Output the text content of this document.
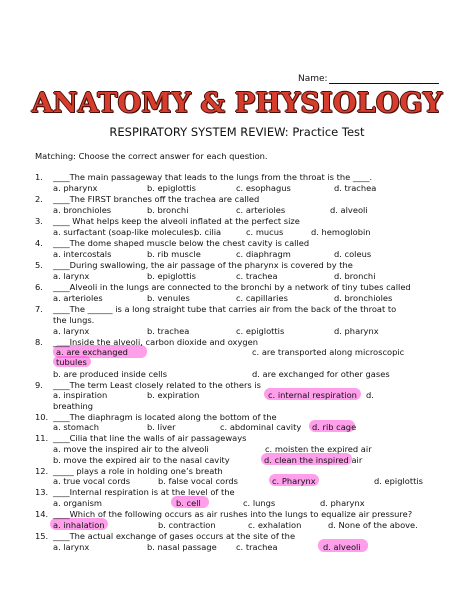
Name:
ANATOMY & PHYSIOLOGY
RESPIRATORY SYSTEM REVIEW: Practice Test
Matching: Choose the correct answer for each question.
1. ____The main passageway that leads to the lungs from the throat is the ____.
a. pharynx	b. epiglottis	c. esophagus	d. trachea
2. ____The FIRST branches off the trachea are called
a. bronchioles	b. bronchi	c. arterioles	d. alveoli
3. ____ What helps keep the alveoli inflated at the perfect size
a. surfactant (soap-like molecules)
b. cilia	c. mucus	d. hemoglobin
4. ____The dome shaped muscle below the chest cavity is called
a. intercostals	b. rib muscle	c. diaphragm	d. coleus
5. ____During swallowing, the air passage of the pharynx is covered by the
a. larynx	b. epiglottis	c. trachea	d. bronchi
6. ____Alveoli in the lungs are connected to the bronchi by a network of tiny tubes called
a. arterioles	b. venules	c. capillaries	d. bronchioles
7. ____The ______ is a long straight tube that carries air from the back of the throat to
the lungs.
a. larynx	b. trachea	c. epiglottis	d. pharynx
8. ____Inside the alveoli, carbon dioxide and oxygen
a. are exchanged	c. are transported along microscopic
tubules
b. are produced inside cells	d. are exchanged for other gases
9. ____The term Least closely related to the others is
a. inspiration	b. expiration	c. internal respiration d.
breathing
10. ____The diaphragm is located along the bottom of the
a. stomach	b. liver	c. abdominal cavity d. rib cage
11. ____Cilia that line the walls of air passageways
a. move the inspired air to the alveoli	c. moisten the expired air
b. move the expired air to the nasal cavity	d. clean the inspired air
12. _____ plays a role in holding one’s breath
a. true vocal cords	b. false vocal cords	c. Pharynx	d. epiglottis
13. ____Internal respiration is at the level of the
a. organism	b. cell	c. lungs	d. pharynx
14. ____Which of the following occurs as air rushes into the lungs to equalize air pressure?
a. inhalation	b. contraction	c. exhalation	d. None of the above.
15. ____The actual exchange of gases occurs at the site of the
a. larynx	b. nasal passage c. trachea	d. alveoli
